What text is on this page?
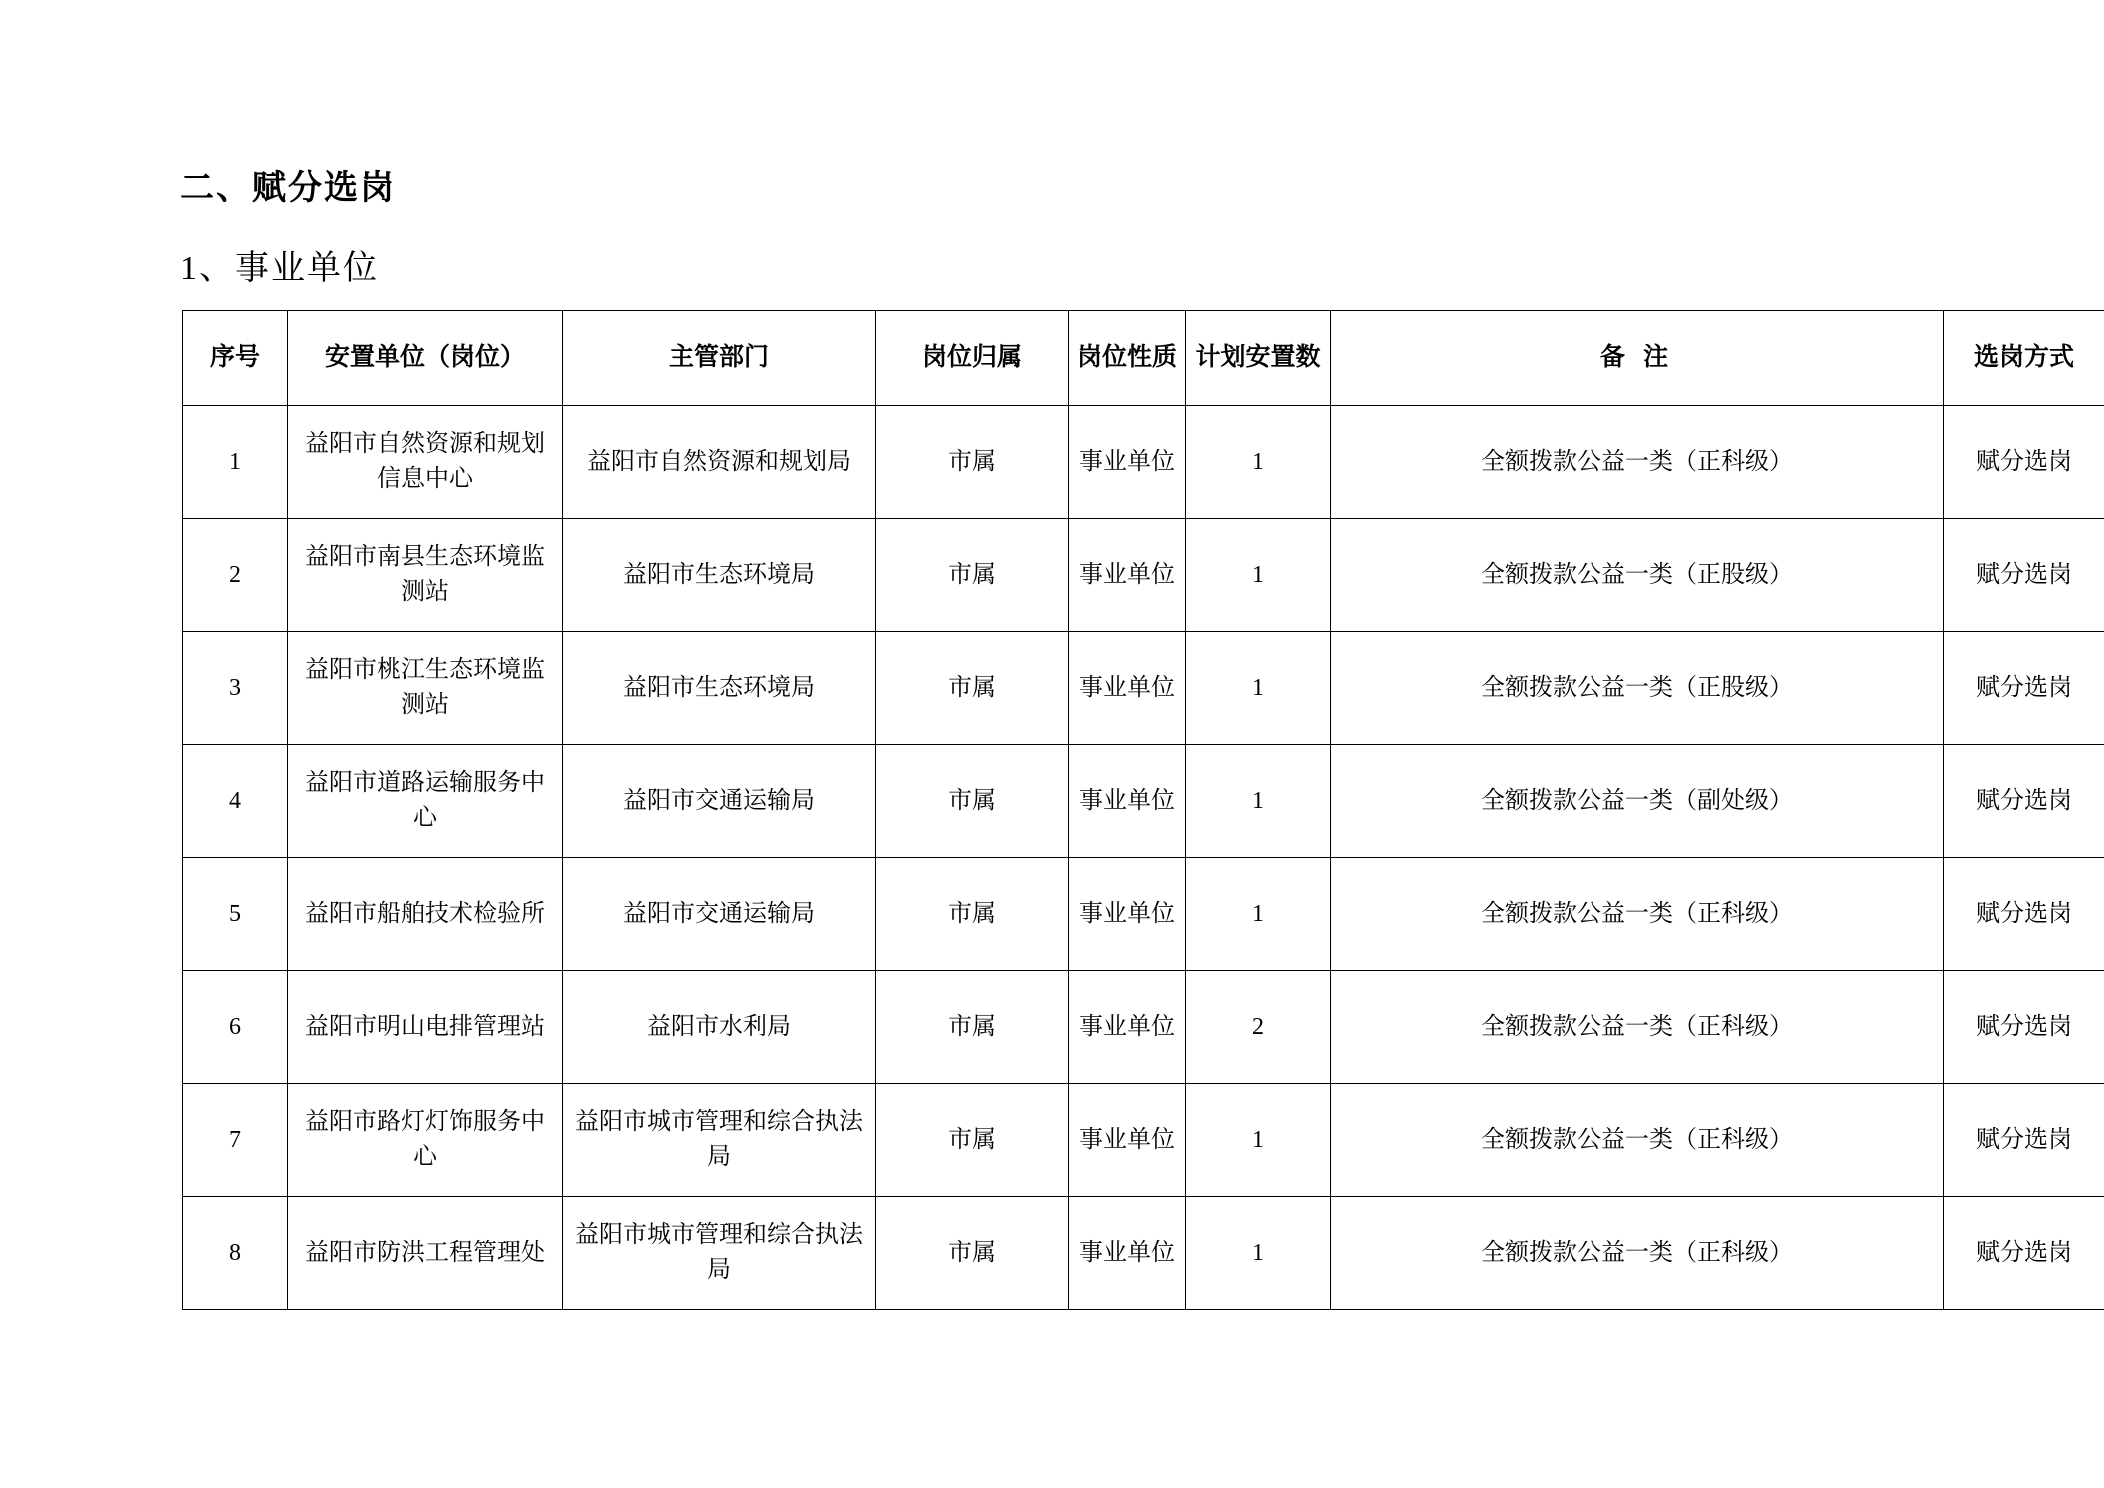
二、赋分选岗
1、事业单位
序号	安置单位（岗位）	主管部门	岗位归属	岗位性质	计划安置数	备 注	选岗方式
1	益阳市自然资源和规划信息中心	益阳市自然资源和规划局	市属	事业单位	1	全额拨款公益一类（正科级）	赋分选岗
2	益阳市南县生态环境监测站	益阳市生态环境局	市属	事业单位	1	全额拨款公益一类（正股级）	赋分选岗
3	益阳市桃江生态环境监测站	益阳市生态环境局	市属	事业单位	1	全额拨款公益一类（正股级）	赋分选岗
4	益阳市道路运输服务中心	益阳市交通运输局	市属	事业单位	1	全额拨款公益一类（副处级）	赋分选岗
5	益阳市船舶技术检验所	益阳市交通运输局	市属	事业单位	1	全额拨款公益一类（正科级）	赋分选岗
6	益阳市明山电排管理站	益阳市水利局	市属	事业单位	2	全额拨款公益一类（正科级）	赋分选岗
7	益阳市路灯灯饰服务中心	益阳市城市管理和综合执法局	市属	事业单位	1	全额拨款公益一类（正科级）	赋分选岗
8	益阳市防洪工程管理处	益阳市城市管理和综合执法局	市属	事业单位	1	全额拨款公益一类（正科级）	赋分选岗
